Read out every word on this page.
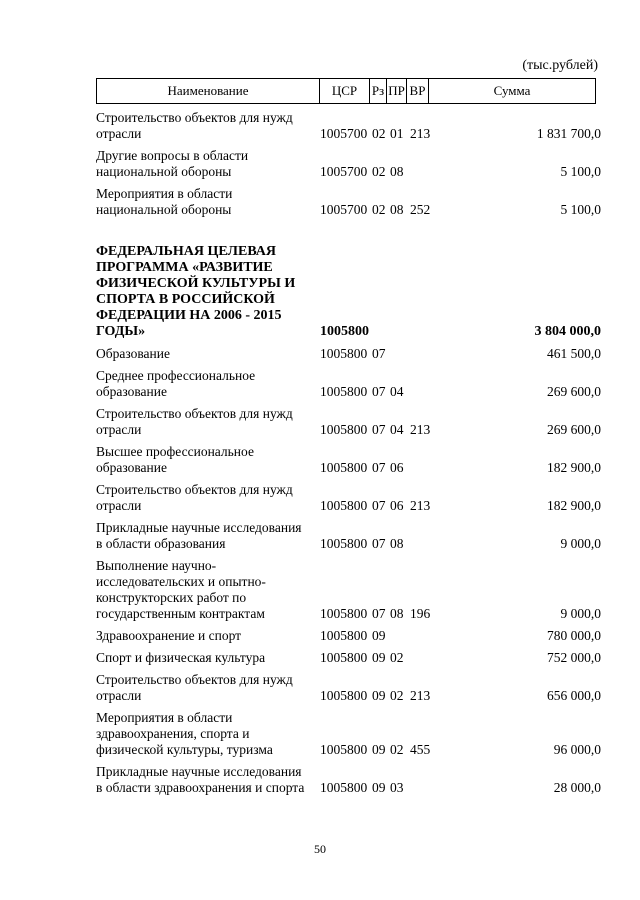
(тыс.рублей)
Наименование	ЦСР	Рз ПР ВР	Сумма
Строительство объектов для нужд
отрасли	1005700 02 01 213	1 831 700,0
Другие вопросы в области
национальной обороны	1005700 02 08	5 100,0
Мероприятия в области
национальной обороны	1005700 02 08 252	5 100,0
ФЕДЕРАЛЬНАЯ ЦЕЛЕВАЯ
ПРОГРАММА «РАЗВИТИЕ
ФИЗИЧЕСКОЙ КУЛЬТУРЫ И
СПОРТА В РОССИЙСКОЙ
ФЕДЕРАЦИИ НА 2006 - 2015
ГОДЫ»	1005800	3 804 000,0
Образование	1005800 07	461 500,0
Среднее профессиональное
образование	1005800 07 04	269 600,0
Строительство объектов для нужд
отрасли	1005800 07 04 213	269 600,0
Высшее профессиональное
образование	1005800 07 06	182 900,0
Строительство объектов для нужд
отрасли	1005800 07 06 213	182 900,0
Прикладные научные исследования
в области образования	1005800 07 08	9 000,0
Выполнение научно-
исследовательских и опытно-
конструкторских работ по
государственным контрактам	1005800 07 08 196	9 000,0
Здравоохранение и спорт	1005800 09	780 000,0
Спорт и физическая культура	1005800 09 02	752 000,0
Строительство объектов для нужд
отрасли	1005800 09 02 213	656 000,0
Мероприятия в области
здравоохранения, спорта и
физической культуры, туризма	1005800 09 02 455	96 000,0
Прикладные научные исследования
в области здравоохранения и спорта	1005800 09 03	28 000,0
50
